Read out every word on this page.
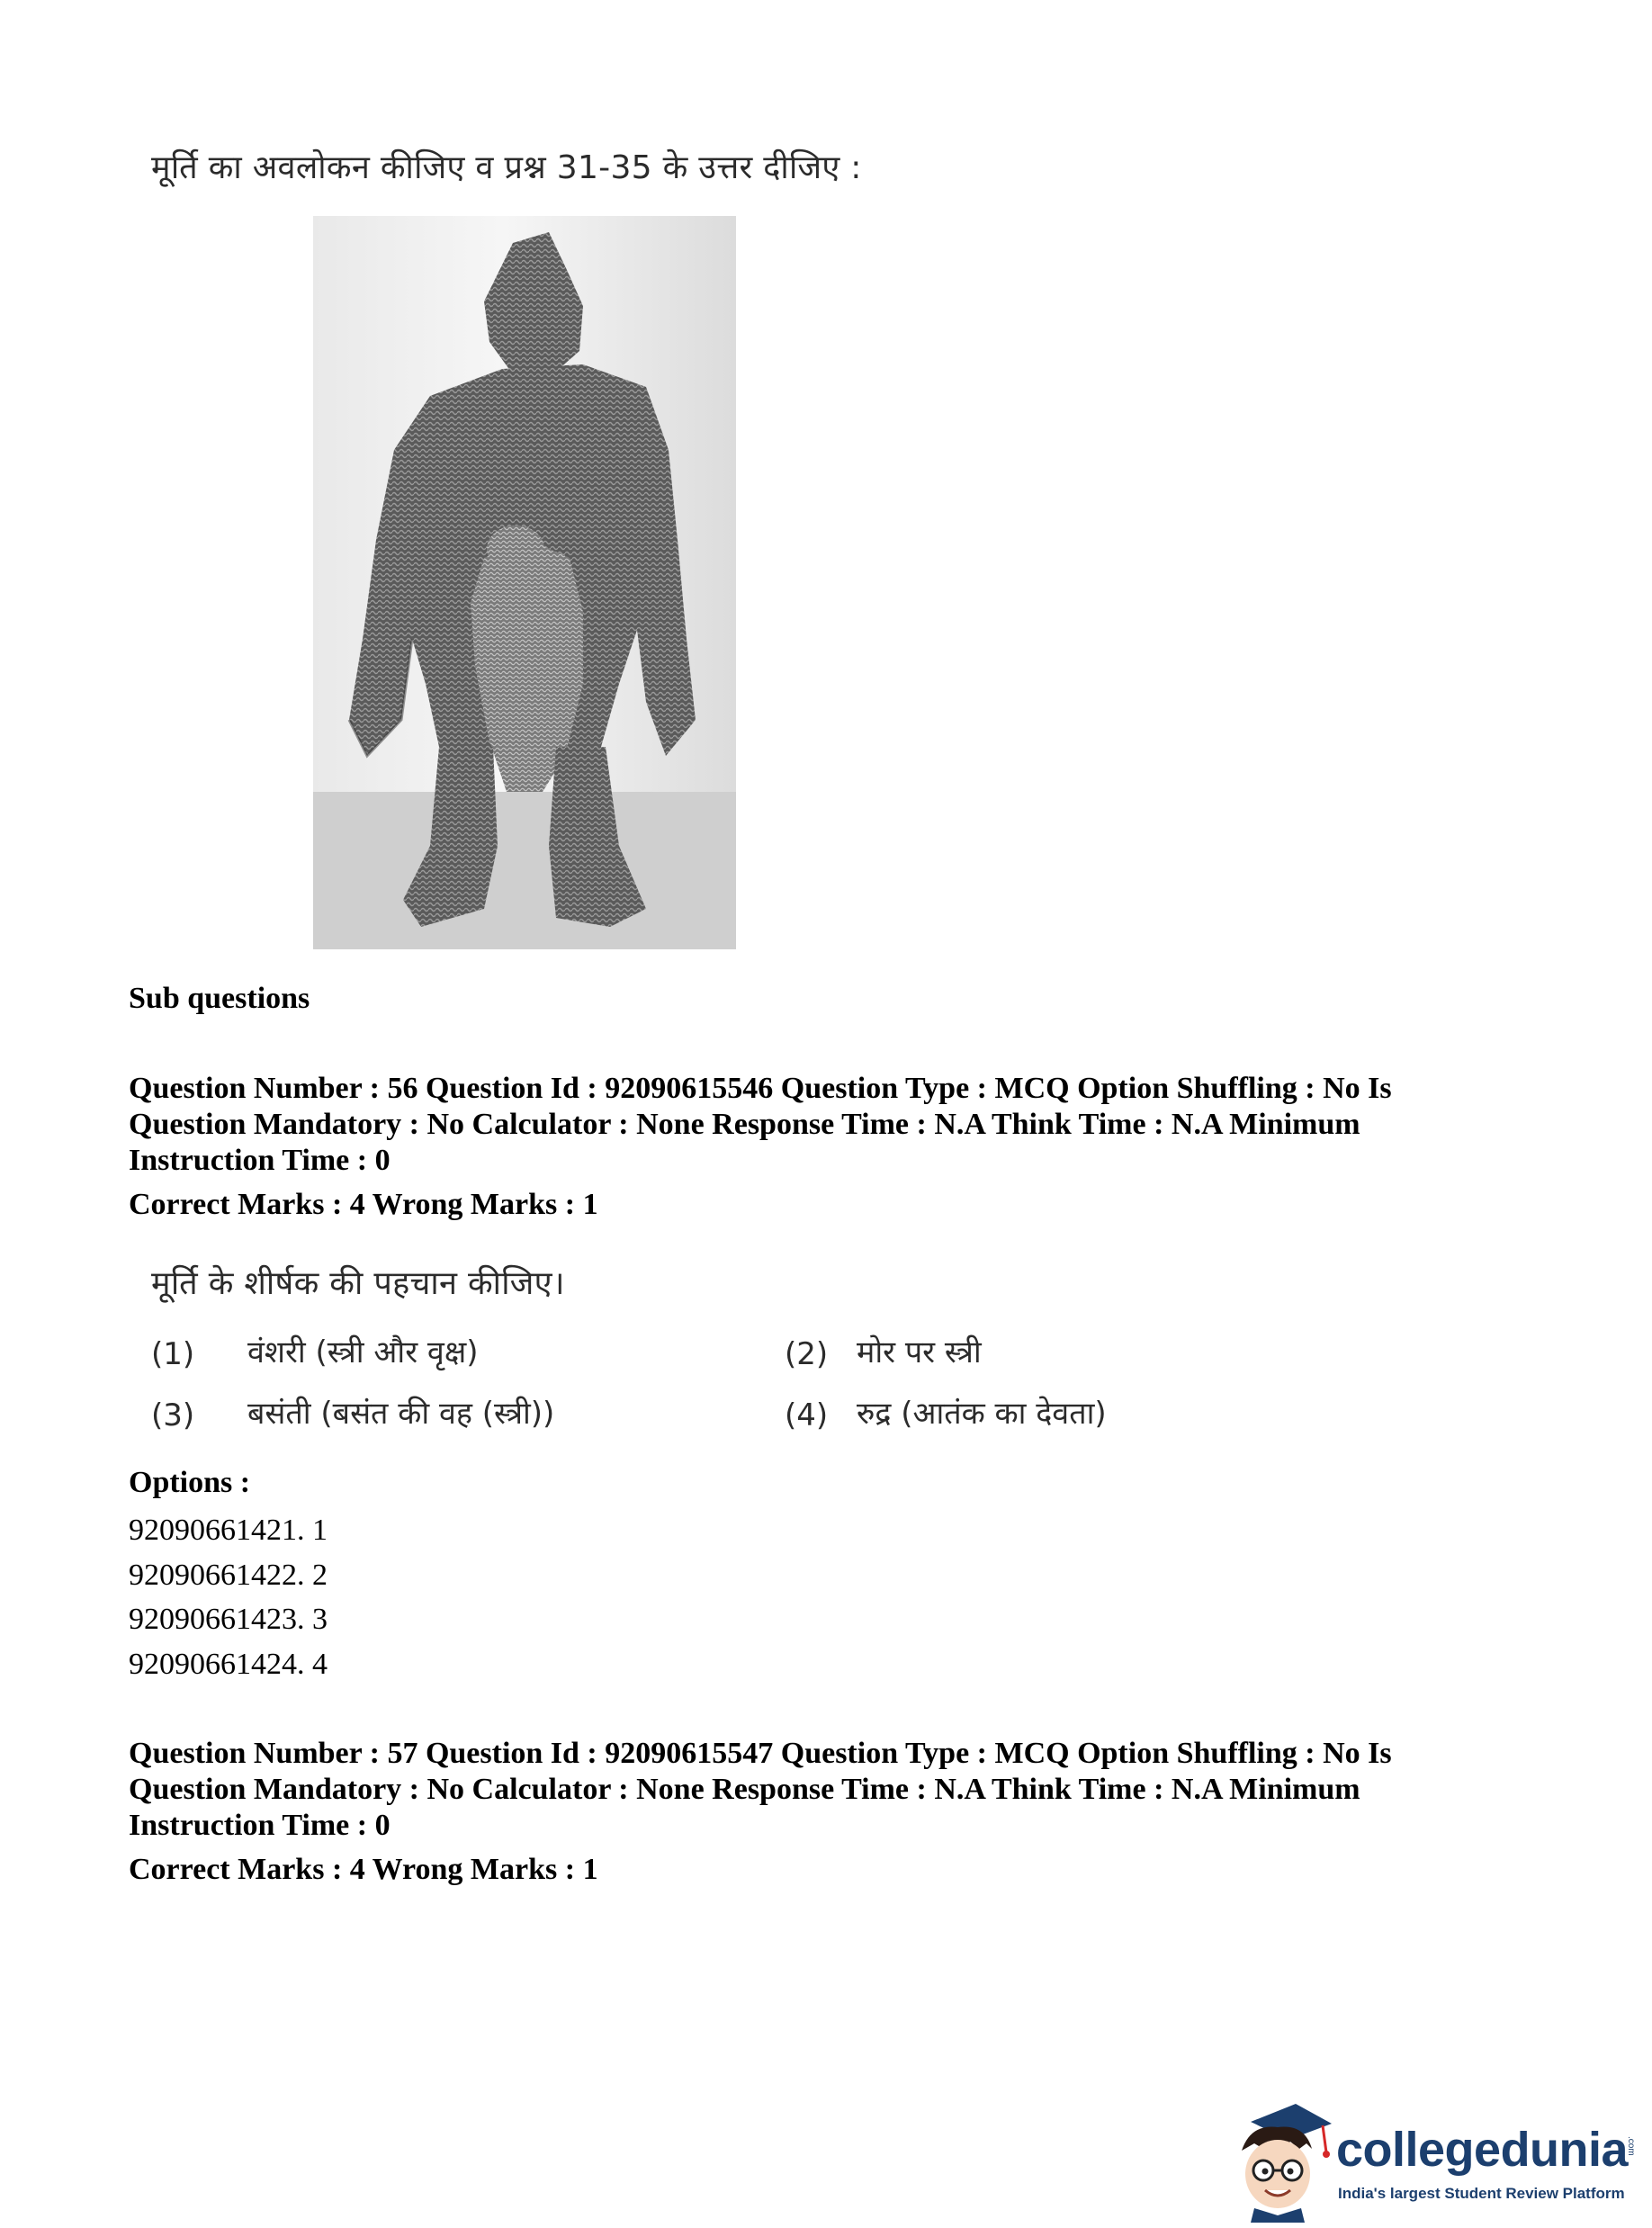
मूर्ति का अवलोकन कीजिए व प्रश्न 31-35 के उत्तर दीजिए :
Sub questions
Question Number : 56 Question Id : 92090615546 Question Type : MCQ Option Shuffling : No Is
Question Mandatory : No Calculator : None Response Time : N.A Think Time : N.A Minimum
Instruction Time : 0
Correct Marks : 4 Wrong Marks : 1
मूर्ति के शीर्षक की पहचान कीजिए।
(1) वंशरी (स्त्री और वृक्ष)	(2) मोर पर स्त्री
(3) बसंती (बसंत की वह (स्त्री))	(4) रुद्र (आतंक का देवता)
Options :
92090661421. 1
92090661422. 2
92090661423. 3
92090661424. 4
Question Number : 57 Question Id : 92090615547 Question Type : MCQ Option Shuffling : No Is
Question Mandatory : No Calculator : None Response Time : N.A Think Time : N.A Minimum
Instruction Time : 0
Correct Marks : 4 Wrong Marks : 1
collegedunia
.com
India's largest Student Review Platform
